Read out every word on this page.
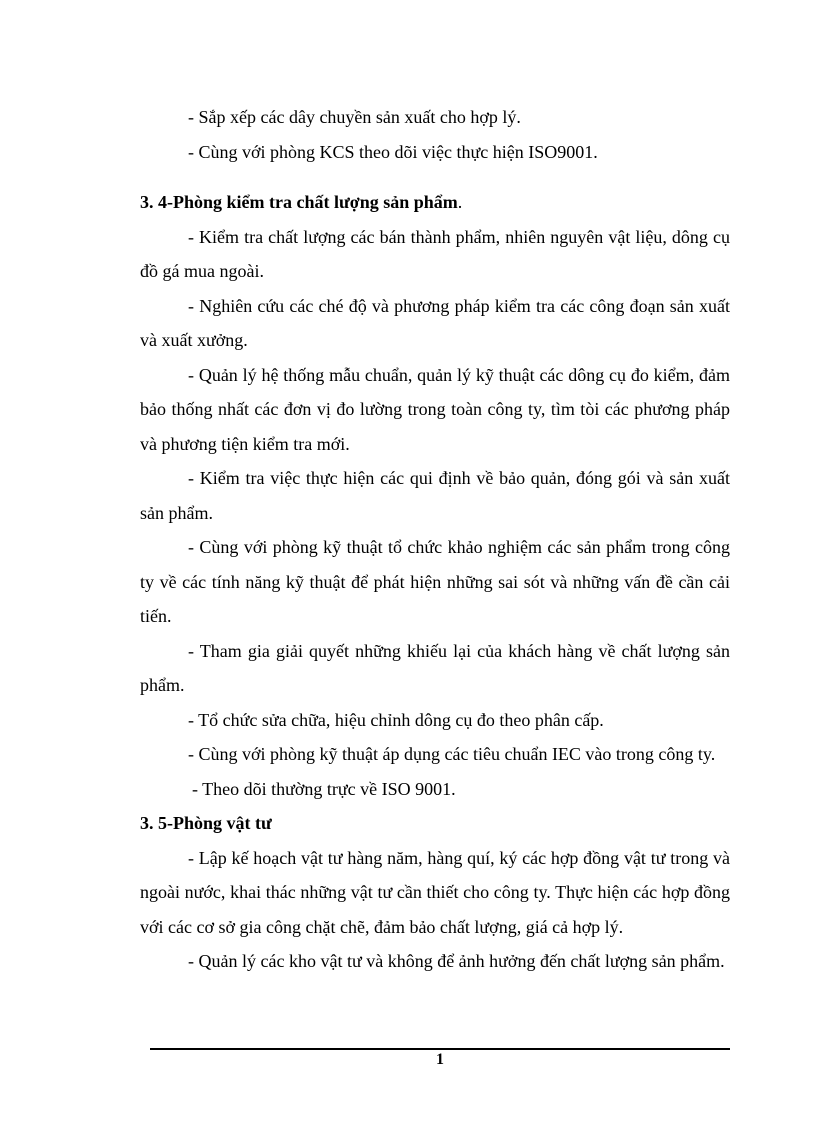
- Sắp xếp các dây chuyền sản xuất cho hợp lý.

- Cùng với phòng KCS theo dõi việc thực hiện ISO9001.

3. 4-Phòng kiểm tra chất lượng sản phẩm.

- Kiểm tra chất lượng các bán thành phẩm, nhiên nguyên vật liệu, dông cụ đồ gá mua ngoài.

- Nghiên cứu các ché độ và phương pháp kiểm tra các công đoạn sản xuất và xuất xưởng.

- Quản lý hệ thống mẫu chuẩn, quản lý kỹ thuật các dông cụ đo kiểm, đảm bảo thống nhất các đơn vị đo lường trong toàn công ty, tìm tòi các phương pháp và phương tiện kiểm tra mới.

- Kiểm tra việc thực hiện các qui định về bảo quản, đóng gói và sản xuất sản phẩm.

- Cùng với phòng kỹ thuật tổ chức khảo nghiệm các sản phẩm trong công ty về các tính năng kỹ thuật để phát hiện những sai sót và những vấn đề cần cải tiến.

- Tham gia giải quyết những khiếu lại của khách hàng về chất lượng sản phẩm.

- Tổ chức sửa chữa, hiệu chỉnh dông cụ đo theo phân cấp.

- Cùng với phòng kỹ thuật áp dụng các tiêu chuẩn IEC vào trong công ty.

- Theo dõi thường trực về ISO 9001.

3. 5-Phòng vật tư

- Lập kế hoạch vật tư hàng năm, hàng quí, ký các hợp đồng vật tư trong và ngoài nước, khai thác những vật tư cần thiết cho công ty. Thực hiện các hợp đồng với các cơ sở gia công chặt chẽ, đảm bảo chất lượng, giá cả hợp lý.

- Quản lý các kho vật tư và không để ảnh hưởng đến chất lượng sản phẩm.

1
